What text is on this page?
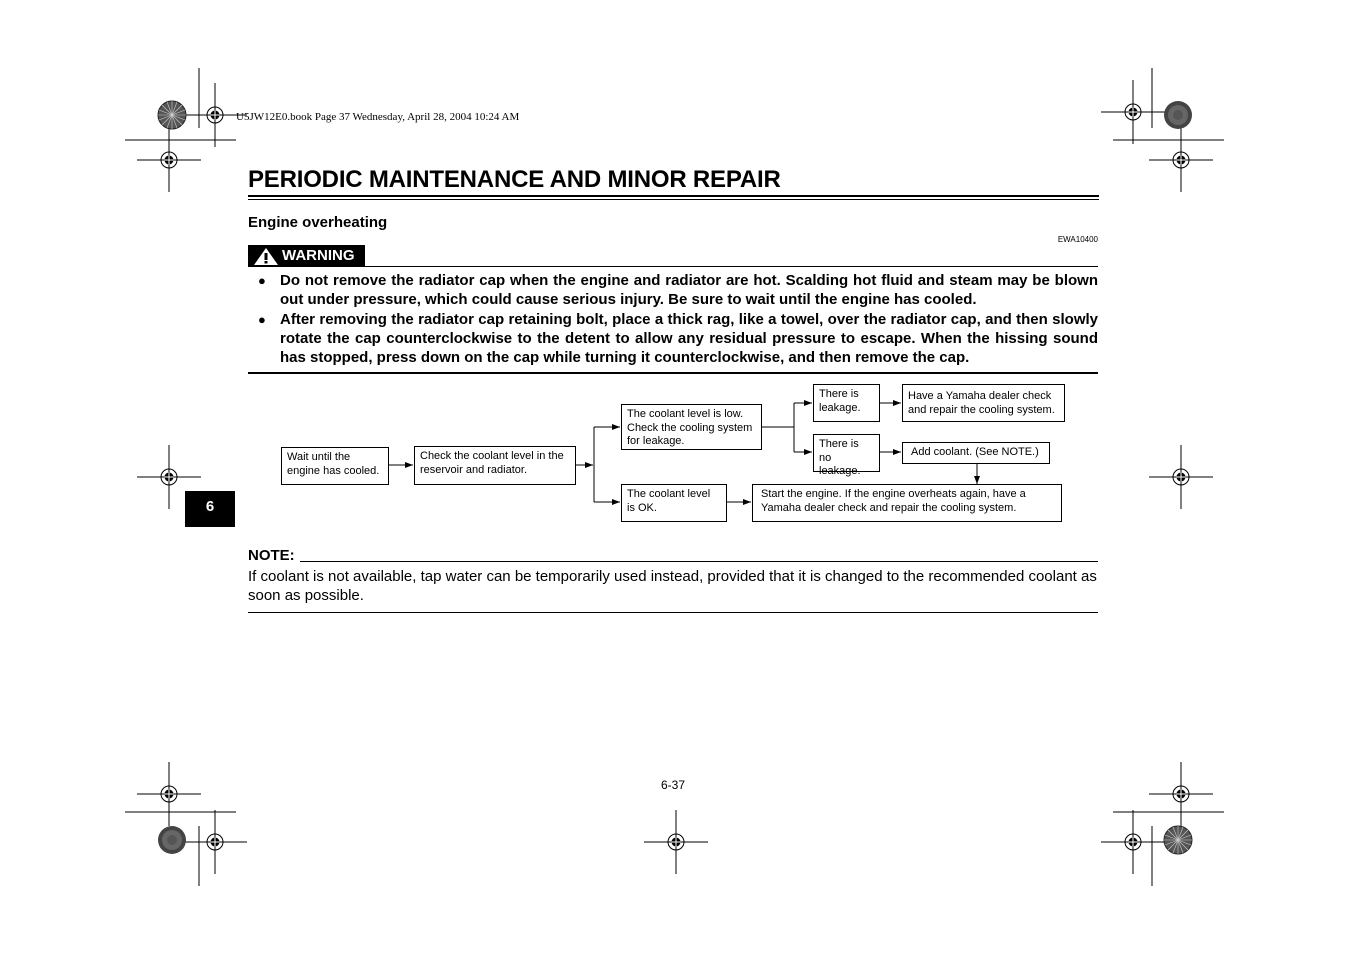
U5JW12E0.book Page 37 Wednesday, April 28, 2004 10:24 AM
PERIODIC MAINTENANCE AND MINOR REPAIR
Engine overheating
EWA10400
WARNING
● Do not remove the radiator cap when the engine and radiator are hot. Scalding hot fluid and steam may be blown out under pressure, which could cause serious injury. Be sure to wait until the engine has cooled.
● After removing the radiator cap retaining bolt, place a thick rag, like a towel, over the radiator cap, and then slowly rotate the cap counterclockwise to the detent to allow any residual pressure to escape. When the hissing sound has stopped, press down on the cap while turning it counterclockwise, and then remove the cap.
Wait until the
engine has cooled.
Check the coolant level in the
reservoir and radiator.
The coolant level is low.
Check the cooling system
for leakage.
The coolant level
is OK.
There is
leakage.
There is
no leakage.
Have a Yamaha dealer check
and repair the cooling system.
Add coolant. (See NOTE.)
Start the engine. If the engine overheats again, have a
Yamaha dealer check and repair the cooling system.
6
NOTE:
If coolant is not available, tap water can be temporarily used instead, provided that it is changed to the recommended coolant as soon as possible.
6-37
